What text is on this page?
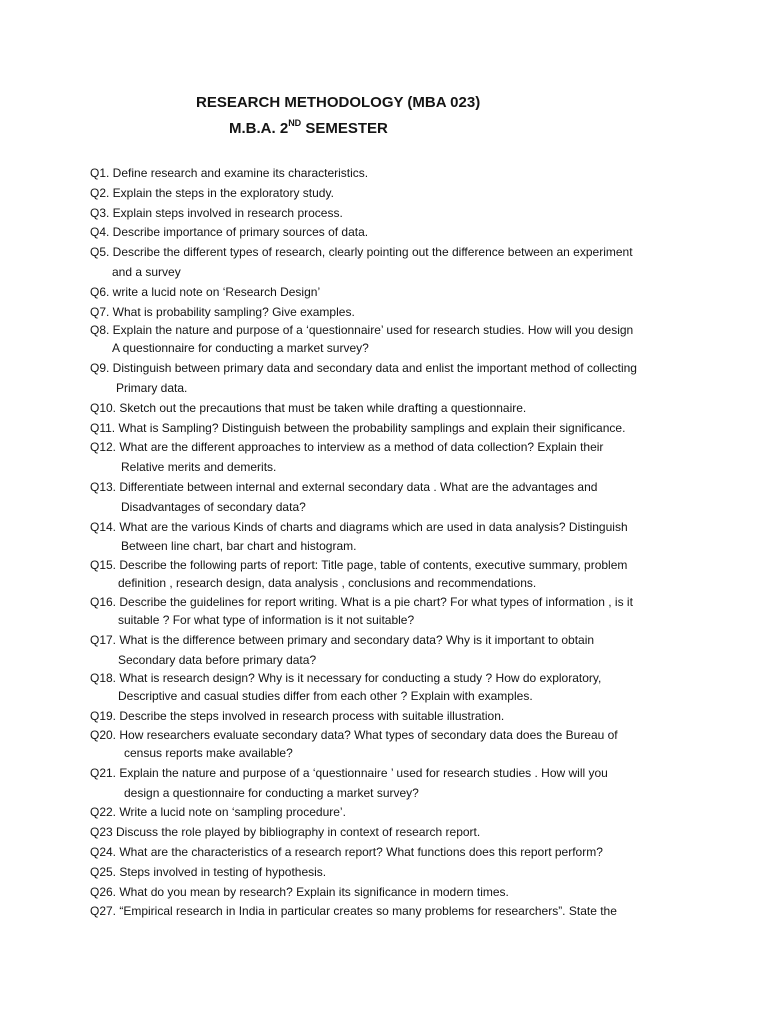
RESEARCH METHODOLOGY (MBA 023)
M.B.A. 2ND SEMESTER
Q1. Define research and examine its characteristics.
Q2. Explain the steps in the exploratory study.
Q3. Explain steps involved in research process.
Q4. Describe importance of primary sources of data.
Q5. Describe the different types of research, clearly pointing out the difference between an experiment
and a survey
Q6. write a lucid note on ‘Research Design’
Q7. What is probability sampling? Give examples.
Q8. Explain the nature and purpose of a ‘questionnaire’ used for research studies. How will you design
A questionnaire for conducting a market survey?
Q9. Distinguish between primary data and secondary data and enlist the important method of collecting
Primary data.
Q10. Sketch out the precautions that must be taken while drafting a questionnaire.
Q11. What is Sampling? Distinguish between the probability samplings and explain their significance.
Q12. What are the different approaches to interview as a method of data collection? Explain their
Relative merits and demerits.
Q13. Differentiate between internal and external secondary data . What are the advantages and
Disadvantages of secondary data?
Q14. What are the various Kinds of charts and diagrams which are used in data analysis? Distinguish
Between line chart, bar chart and histogram.
Q15. Describe the following parts of report: Title page, table of contents, executive summary, problem
definition , research design, data analysis , conclusions and recommendations.
Q16. Describe the guidelines for report writing. What is a pie chart? For what types of information , is it
suitable ? For what type of information is it not suitable?
Q17. What is the difference between primary and secondary data? Why is it important to obtain
Secondary data before primary data?
Q18. What is research design? Why is it necessary for conducting a study ? How do exploratory,
Descriptive and casual studies differ from each other ? Explain with examples.
Q19. Describe the steps involved in research process with suitable illustration.
Q20. How researchers evaluate secondary data? What types of secondary data does the Bureau of
census reports make available?
Q21. Explain the nature and purpose of a ‘questionnaire ’ used for research studies . How will you
design a questionnaire for conducting a market survey?
Q22. Write a lucid note on ‘sampling procedure’.
Q23 Discuss the role played by bibliography in context of research report.
Q24. What are the characteristics of a research report? What functions does this report perform?
Q25. Steps involved in testing of hypothesis.
Q26. What do you mean by research? Explain its significance in modern times.
Q27. “Empirical research in India in particular creates so many problems for researchers”. State the
